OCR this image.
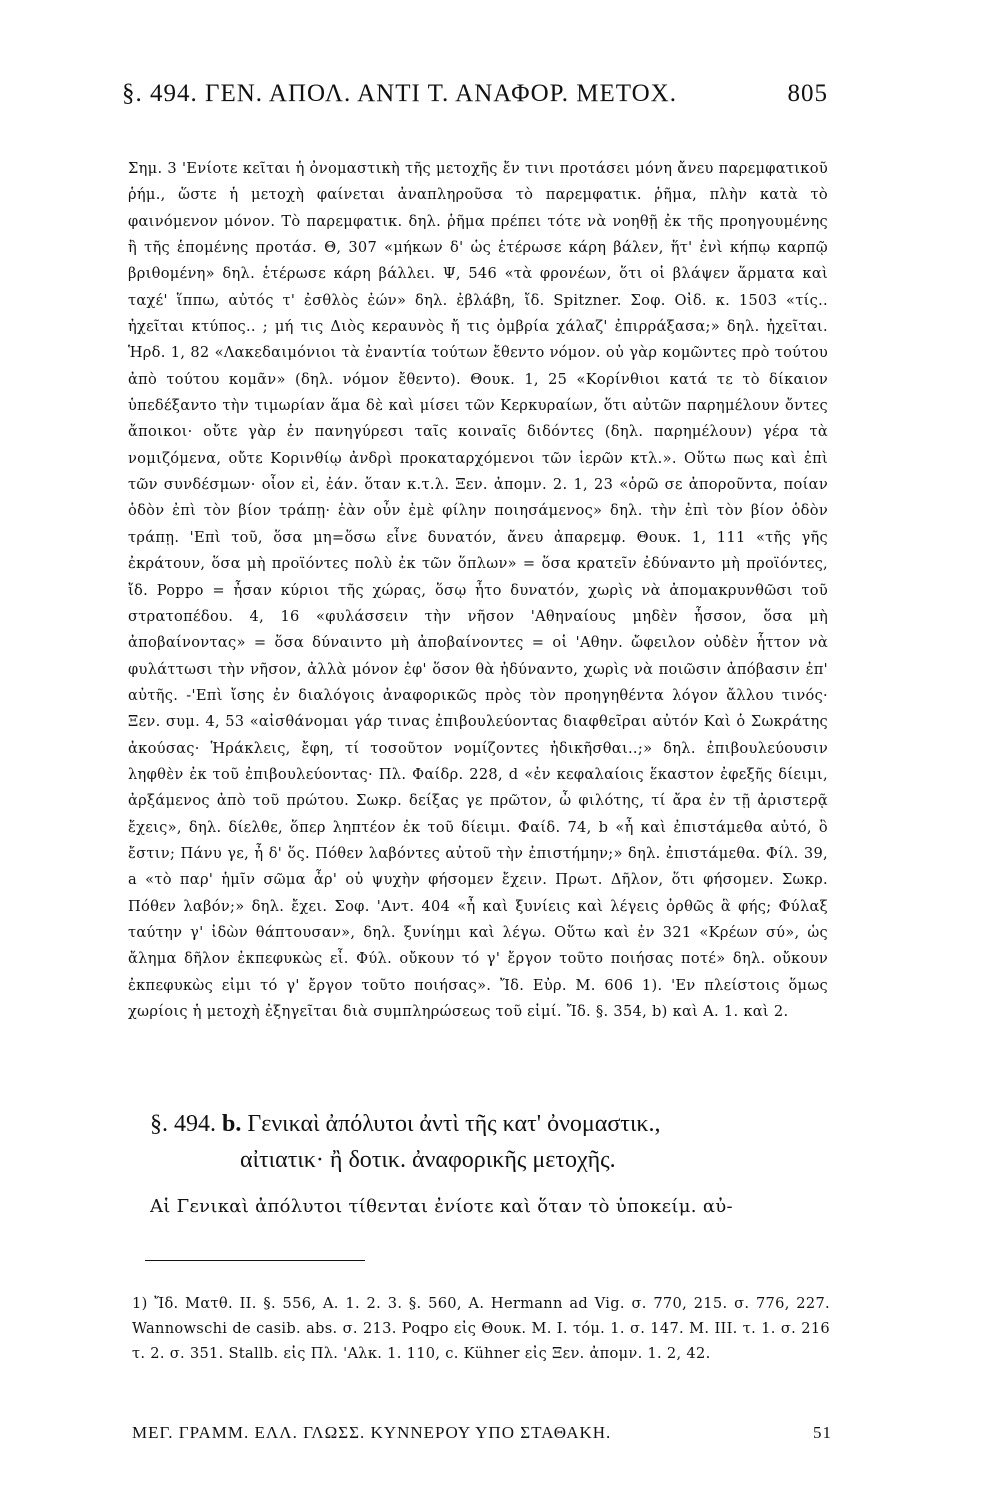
§. 494. ΓΕΝ. ΑΠΟΛ. ΑΝΤΙ Τ. ΑΝΑΦΟΡ. ΜΕΤΟΧ.	805

Σημ. 3 'Ενίοτε κεῖται ἡ ὀνομαστικὴ τῆς μετοχῆς ἔν τινι προτάσει μόνη ἄνευ παρεμφατικοῦ ῥήμ., ὥστε ἡ μετοχὴ φαίνεται ἀναπληροῦσα τὸ παρεμφατικ. ῥῆμα, πλὴν κατὰ τὸ φαινόμενον μόνον. Τὸ παρεμφατικ. δηλ. ῥῆμα πρέπει τότε νὰ νοηθῇ ἐκ τῆς προηγουμένης ἢ τῆς ἑπομένης προτάσ. Θ, 307 «μήκων δ' ὡς ἑτέρωσε κάρη βάλεν, ἥτ' ἐνὶ κήπῳ καρπῷ βριθομένη» δηλ. ἑτέρωσε κάρη βάλλει. Ψ, 546 «τὰ φρονέων, ὅτι οἱ βλάψεν ἅρματα καὶ ταχέ' ἵππω, αὐτός τ' ἐσθλὸς ἐών» δηλ. ἐβλάβη, ἴδ. Spitzner. Σοφ. Οἰδ. κ. 1503 «τίς.. ἠχεῖται κτύπος.. ; μή τις Διὸς κεραυνὸς ἤ τις ὀμβρία χάλαζ' ἐπιρράξασα;» δηλ. ἠχεῖται. Ἡρδ. 1, 82 «Λακεδαιμόνιοι τὰ ἐναντία τούτων ἔθεντο νόμον. οὐ γὰρ κομῶντες πρὸ τούτου ἀπὸ τούτου κομᾶν» (δηλ. νόμον ἔθεντο). Θουκ. 1, 25 «Κορίνθιοι κατά τε τὸ δίκαιον ὑπεδέξαντο τὴν τιμωρίαν ἅμα δὲ καὶ μίσει τῶν Κερκυραίων, ὅτι αὐτῶν παρημέλουν ὄντες ἄποικοι· οὔτε γὰρ ἐν πανηγύρεσι ταῖς κοιναῖς διδόντες (δηλ. παρημέλουν) γέρα τὰ νομιζόμενα, οὔτε Κορινθίῳ ἀνδρὶ προκαταρχόμενοι τῶν ἱερῶν κτλ.». Οὕτω πως καὶ ἐπὶ τῶν συνδέσμων· οἷον εἰ, ἐάν. ὅταν κ.τ.λ. Ξεν. ἀπομν. 2. 1, 23 «ὁρῶ σε ἀποροῦντα, ποίαν ὁδὸν ἐπὶ τὸν βίον τράπῃ· ἐὰν οὖν ἐμὲ φίλην ποιησάμενος» δηλ. τὴν ἐπὶ τὸν βίον ὁδὸν τράπῃ. 'Επὶ τοῦ, ὅσα μη=ὅσω εἶνε δυνατόν, ἄνευ ἀπαρεμφ. Θουκ. 1, 111 «τῆς γῆς ἐκράτουν, ὅσα μὴ προϊόντες πολὺ ἐκ τῶν ὅπλων» = ὅσα κρατεῖν ἐδύναντο μὴ προϊόντες, ἴδ. Poppo = ἦσαν κύριοι τῆς χώρας, ὅσῳ ἦτο δυνατόν, χωρὶς νὰ ἀπομακρυνθῶσι τοῦ στρατοπέδου. 4, 16 «φυλάσσειν τὴν νῆσον 'Αθηναίους μηδὲν ἧσσον, ὅσα μὴ ἀποβαίνοντας» = ὅσα δύναιντο μὴ ἀποβαίνοντες = οἱ 'Αθην. ὤφειλον οὐδὲν ἧττον νὰ φυλάττωσι τὴν νῆσον, ἀλλὰ μόνον ἐφ' ὅσον θὰ ἠδύναντο, χωρὶς νὰ ποιῶσιν ἀπόβασιν ἐπ' αὐτῆς. -'Επὶ ἴσης ἐν διαλόγοις ἀναφορικῶς πρὸς τὸν προηγηθέντα λόγον ἄλλου τινός· Ξεν. συμ. 4, 53 «αἰσθάνομαι γάρ τινας ἐπιβουλεύοντας διαφθεῖραι αὐτόν Καὶ ὁ Σωκράτης ἀκούσας· Ἡράκλεις, ἔφη, τί τοσοῦτον νομίζοντες ἠδικῆσθαι..;» δηλ. ἐπιβουλεύουσιν ληφθὲν ἐκ τοῦ ἐπιβουλεύοντας· Πλ. Φαίδρ. 228, d «ἐν κεφαλαίοις ἕκαστον ἐφεξῆς δίειμι, ἀρξάμενος ἀπὸ τοῦ πρώτου. Σωκρ. δείξας γε πρῶτον, ὦ φιλότης, τί ἄρα ἐν τῇ ἀριστερᾷ ἔχεις», δηλ. δίελθε, ὅπερ ληπτέον ἐκ τοῦ δίειμι. Φαίδ. 74, b «ἦ καὶ ἐπιστάμεθα αὐτό, ὃ ἔστιν; Πάνυ γε, ἦ δ' ὅς. Πόθεν λαβόντες αὐτοῦ τὴν ἐπιστήμην;» δηλ. ἐπιστάμεθα. Φίλ. 39, a «τὸ παρ' ἡμῖν σῶμα ἆρ' οὐ ψυχὴν φήσομεν ἔχειν. Πρωτ. Δῆλον, ὅτι φήσομεν. Σωκρ. Πόθεν λαβόν;» δηλ. ἔχει. Σοφ. 'Αντ. 404 «ἦ καὶ ξυνίεις καὶ λέγεις ὀρθῶς ἃ φής; Φύλαξ ταύτην γ' ἰδὼν θάπτουσαν», δηλ. ξυνίημι καὶ λέγω. Οὕτω καὶ ἐν 321 «Κρέων σύ», ὡς ἄλημα δῆλον ἐκπεφυκὼς εἶ. Φύλ. οὔκουν τό γ' ἔργον τοῦτο ποιήσας ποτέ» δηλ. οὔκουν ἐκπεφυκὼς εἰμι τό γ' ἔργον τοῦτο ποιήσας». Ἴδ. Εὐρ. Μ. 606 1). 'Εν πλείστοις ὅμως χωρίοις ἡ μετοχὴ ἐξηγεῖται διὰ συμπληρώσεως τοῦ εἰμί. Ἴδ. §. 354, b) καὶ Α. 1. καὶ 2.

§. 494. b. Γενικαὶ ἀπόλυτοι ἀντὶ τῆς κατ' ὀνομαστικ.,
αἰτιατικ· ἢ δοτικ. ἀναφορικῆς μετοχῆς.
Αἱ Γενικαὶ ἀπόλυτοι τίθενται ἐνίοτε καὶ ὅταν τὸ ὑποκείμ. αὐ-

1) Ἴδ. Ματθ. ΙΙ. §. 556, Α. 1. 2. 3. §. 560, Α. Hermann ad Vig. σ. 770, 215. σ. 776, 227. Wannowschi de casib. abs. σ. 213. Poqpo εἰς Θουκ. Μ. Ι. τόμ. 1. σ. 147. Μ. ΙΙΙ. τ. 1. σ. 216 τ. 2. σ. 351. Stallb. εἰς Πλ. 'Αλκ. 1. 110, c. Kühner εἰς Ξεν. ἀπομν. 1. 2, 42.

ΜΕΓ. ΓΡΑΜΜ. ΕΛΛ. ΓΛΩΣΣ. ΚΥΝΝΕΡΟΥ ΥΠΟ ΣΤΑΘΑΚΗ.	51
